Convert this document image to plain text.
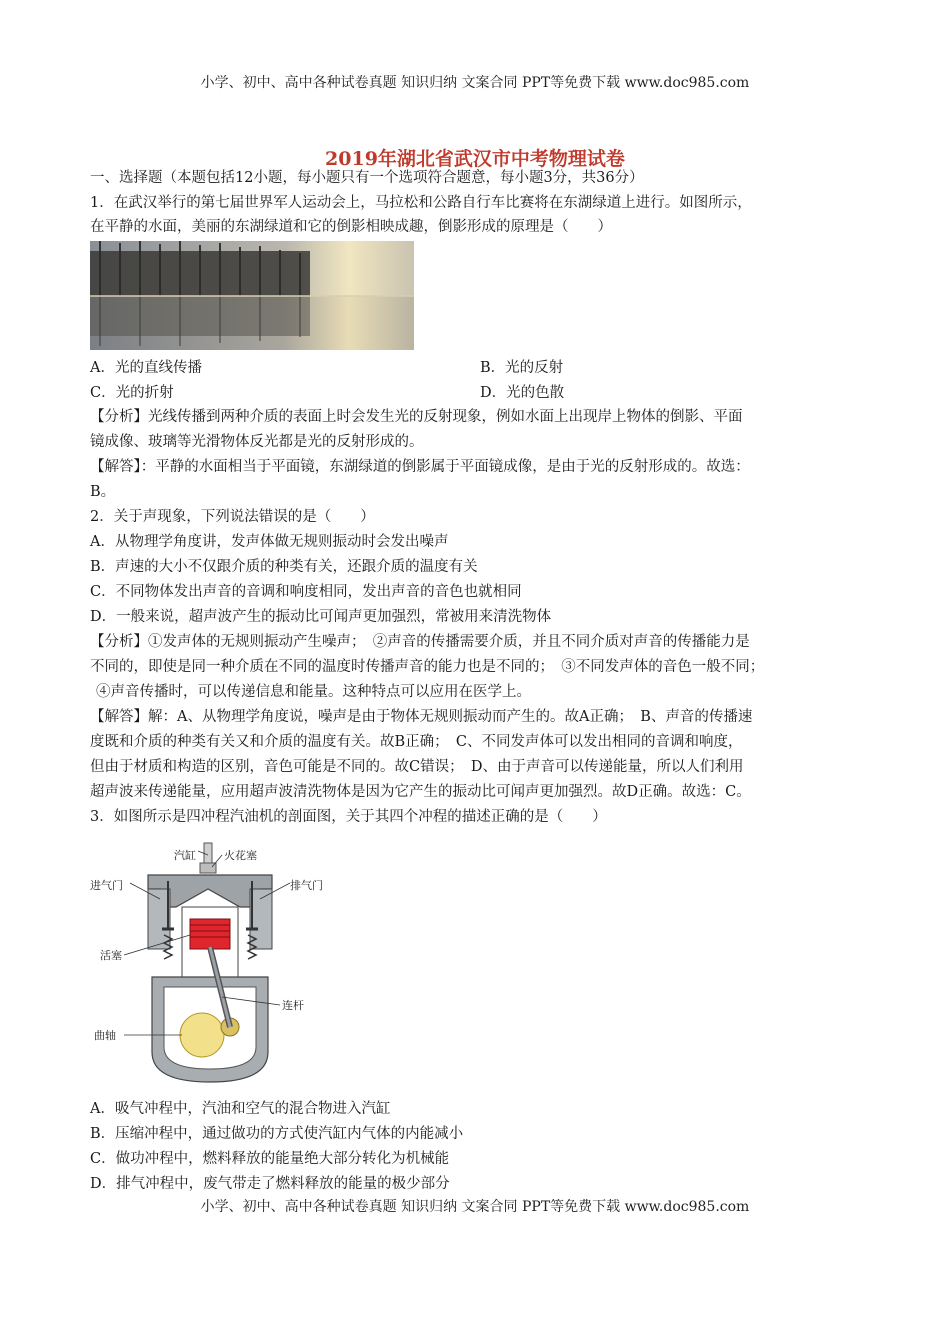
小学、初中、高中各种试卷真题 知识归纳 文案合同 PPT等免费下载 www.doc985.com
2019年湖北省武汉市中考物理试卷
一、选择题（本题包括12小题，每小题只有一个选项符合题意，每小题3分，共36分）
1．在武汉举行的第七届世界军人运动会上，马拉松和公路自行车比赛将在东湖绿道上进行。如图所示，
在平静的水面，美丽的东湖绿道和它的倒影相映成趣，倒影形成的原理是（　　）
A．光的直线传播	B．光的反射
C．光的折射	D．光的色散
【分析】光线传播到两种介质的表面上时会发生光的反射现象，例如水面上出现岸上物体的倒影、平面
镜成像、玻璃等光滑物体反光都是光的反射形成的。
【解答】：平静的水面相当于平面镜，东湖绿道的倒影属于平面镜成像，是由于光的反射形成的。故选：
B。
2．关于声现象，下列说法错误的是（　　）
A．从物理学角度讲，发声体做无规则振动时会发出噪声
B．声速的大小不仅跟介质的种类有关，还跟介质的温度有关
C．不同物体发出声音的音调和响度相同，发出声音的音色也就相同
D．一般来说，超声波产生的振动比可闻声更加强烈，常被用来清洗物体
【分析】①发声体的无规则振动产生噪声；　②声音的传播需要介质，并且不同介质对声音的传播能力是
不同的，即使是同一种介质在不同的温度时传播声音的能力也是不同的；　③不同发声体的音色一般不同；
④声音传播时，可以传递信息和能量。这种特点可以应用在医学上。
【解答】解：A、从物理学角度说，噪声是由于物体无规则振动而产生的。故A正确；　B、声音的传播速
度既和介质的种类有关又和介质的温度有关。故B正确；　C、不同发声体可以发出相同的音调和响度，
但由于材质和构造的区别，音色可能是不同的。故C错误；　D、由于声音可以传递能量，所以人们利用
超声波来传递能量，应用超声波清洗物体是因为它产生的振动比可闻声更加强烈。故D正确。故选：C。
3．如图所示是四冲程汽油机的剖面图，关于其四个冲程的描述正确的是（　　）
汽缸	火花塞
进气门	排气门
活塞
连杆
曲轴
A．吸气冲程中，汽油和空气的混合物进入汽缸
B．压缩冲程中，通过做功的方式使汽缸内气体的内能减小
C．做功冲程中，燃料释放的能量绝大部分转化为机械能
D．排气冲程中，废气带走了燃料释放的能量的极少部分
小学、初中、高中各种试卷真题 知识归纳 文案合同 PPT等免费下载 www.doc985.com
